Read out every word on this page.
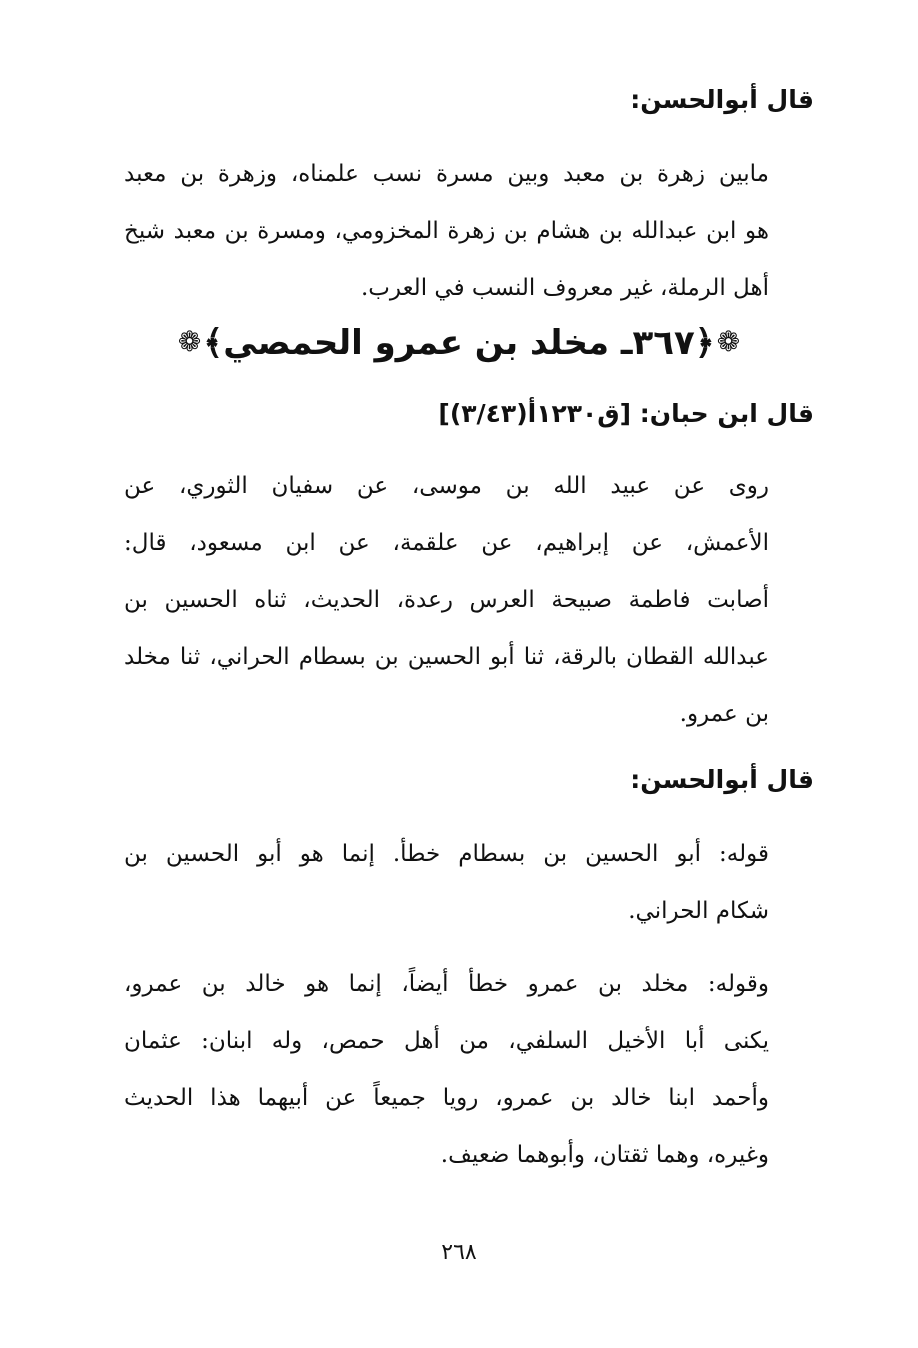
قال أبوالحسن:
مابين زهرة بن معبد وبين مسرة نسب علمناه، وزهرة بن معبد
هو ابن عبدالله بن هشام بن زهرة المخزومي، ومسرة بن معبد شيخ
أهل الرملة، غير معروف النسب في العرب.
❁﴿٣٦٧ـ مخلد بن عمرو الحمصي﴾❁
قال ابن حبان: [ق١٢٣٠أ(٣/٤٣)]
روى عن عبيد الله بن موسى، عن سفيان الثوري، عن
الأعمش، عن إبراهيم، عن علقمة، عن ابن مسعود، قال:
أصابت فاطمة صبيحة العرس رعدة، الحديث، ثناه الحسين بن
عبدالله القطان بالرقة، ثنا أبو الحسين بن بسطام الحراني، ثنا مخلد
بن عمرو.
قال أبوالحسن:
قوله: أبو الحسين بن بسطام خطأ. إنما هو أبو الحسين بن
شكام الحراني.
وقوله: مخلد بن عمرو خطأ أيضاً، إنما هو خالد بن عمرو،
يكنى أبا الأخيل السلفي، من أهل حمص، وله ابنان: عثمان
وأحمد ابنا خالد بن عمرو، رويا جميعاً عن أبيهما هذا الحديث
وغيره، وهما ثقتان، وأبوهما ضعيف.
٢٦٨
